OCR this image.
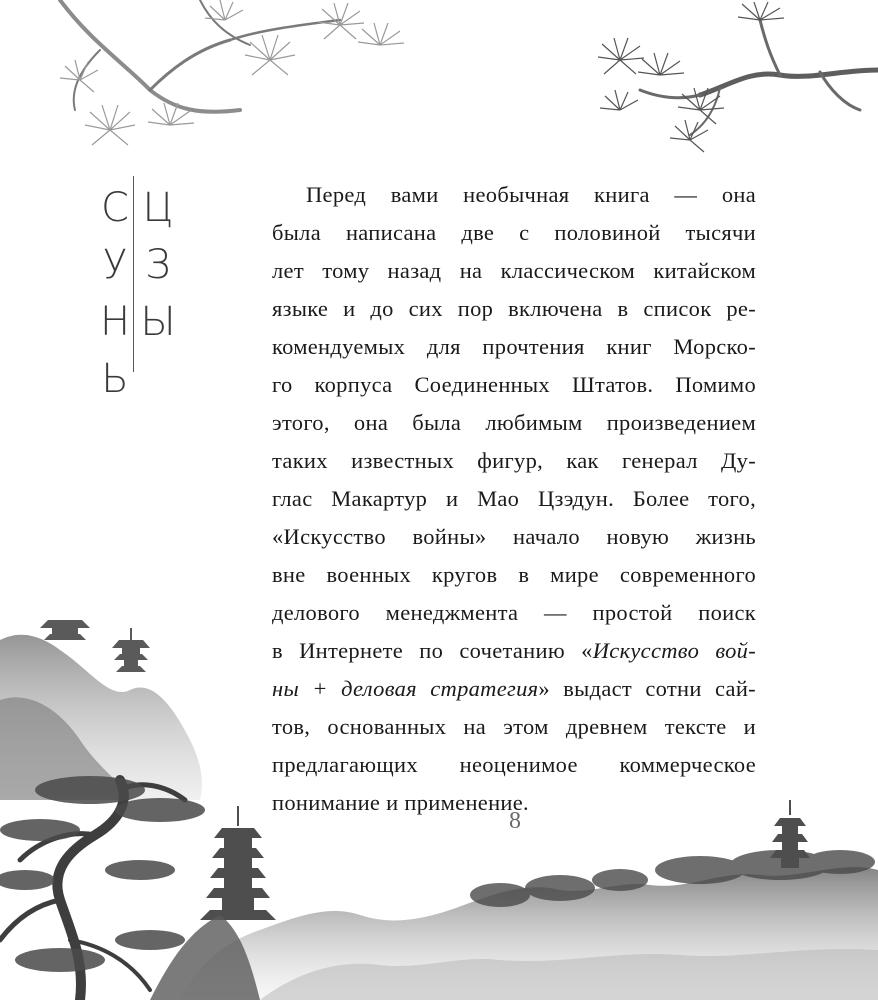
С
У
Н
Ь
Ц
З
Ы
Перед вами необычная книга — она
была написана две с половиной тысячи
лет тому назад на классическом китайском
языке и до сих пор включена в список ре-
комендуемых для прочтения книг Морско-
го корпуса Соединенных Штатов. Помимо
этого, она была любимым произведением
таких известных фигур, как генерал Ду-
глас Макартур и Мао Цзэдун. Более того,
«Искусство войны» начало новую жизнь
вне военных кругов в мире современного
делового менеджмента — простой поиск
в Интернете по сочетанию «Искусство вой-
ны + деловая стратегия» выдаст сотни сай-
тов, основанных на этом древнем тексте и
предлагающих неоценимое коммерческое
понимание и применение.
8
